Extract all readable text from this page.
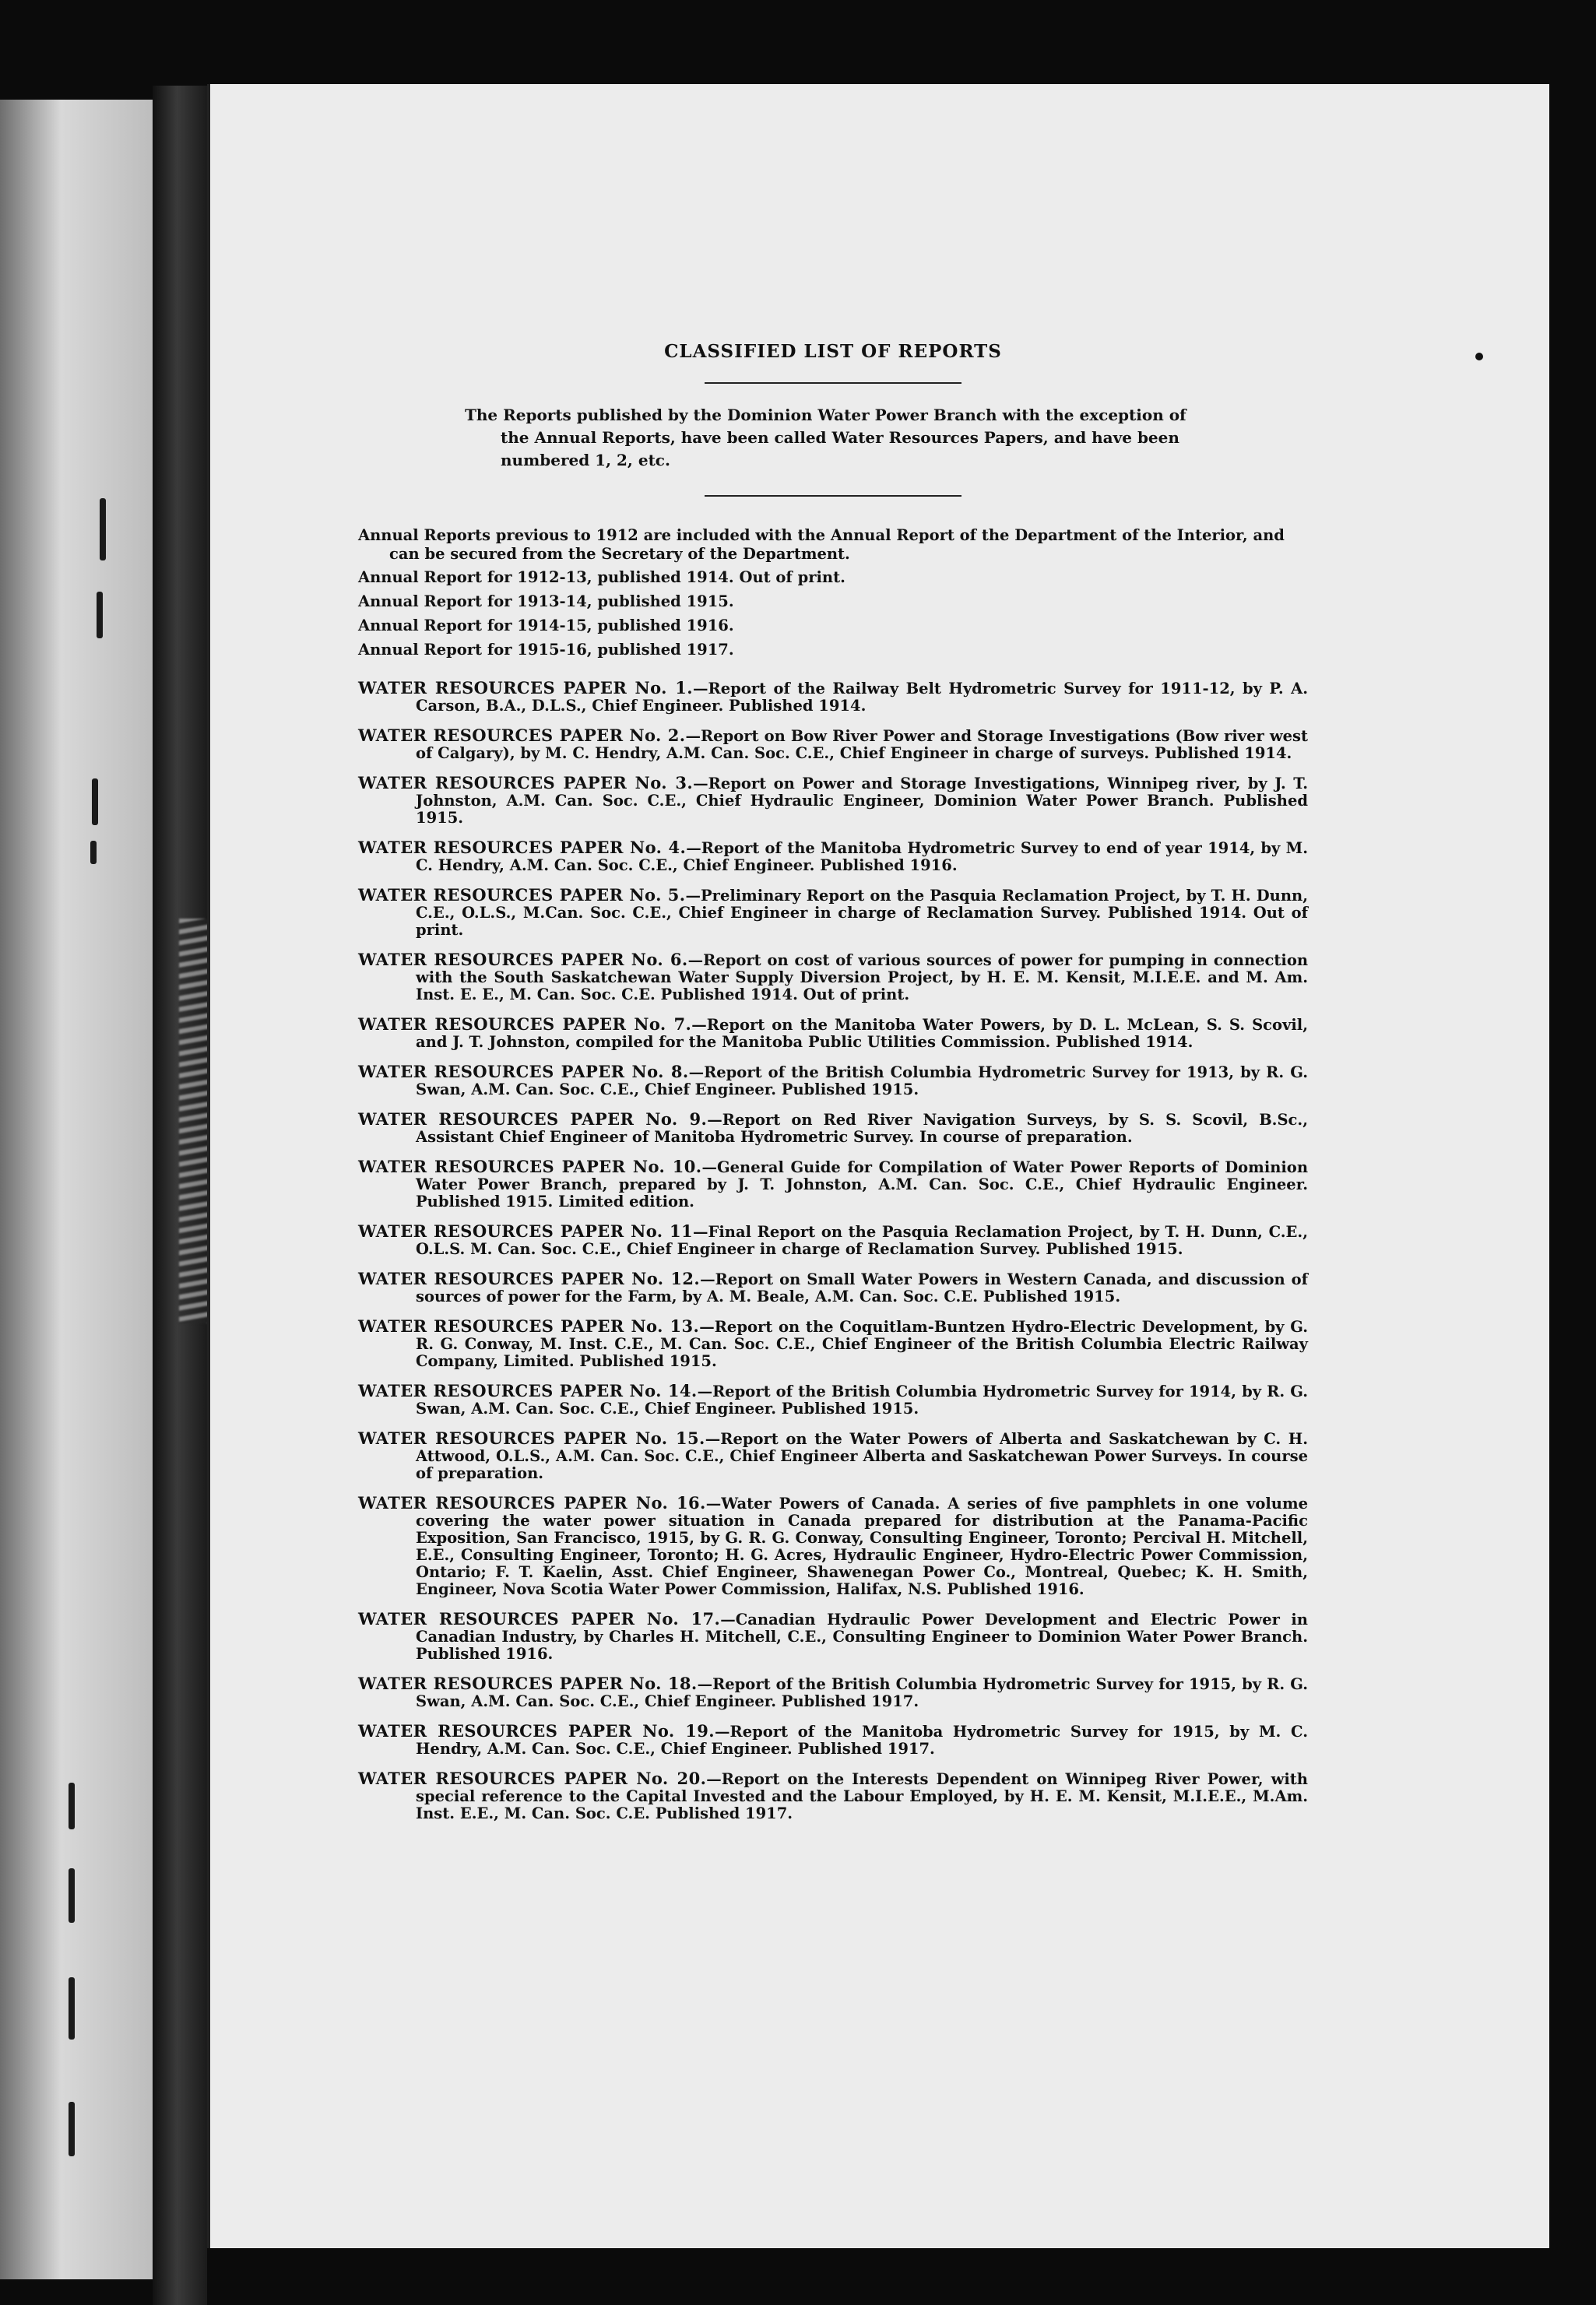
CLASSIFIED LIST OF REPORTS
The Reports published by the Dominion Water Power Branch with the exception of the Annual Reports, have been called Water Resources Papers, and have been numbered 1, 2, etc.

Annual Reports previous to 1912 are included with the Annual Report of the Department of the Interior, and can be secured from the Secretary of the Department.

Annual Report for 1912-13, published 1914. Out of print.

Annual Report for 1913-14, published 1915.

Annual Report for 1914-15, published 1916.

Annual Report for 1915-16, published 1917.

WATER RESOURCES PAPER No. 1.—Report of the Railway Belt Hydrometric Survey for 1911-12, by P. A. Carson, B.A., D.L.S., Chief Engineer. Published 1914.

WATER RESOURCES PAPER No. 2.—Report on Bow River Power and Storage Investigations (Bow river west of Calgary), by M. C. Hendry, A.M. Can. Soc. C.E., Chief Engineer in charge of surveys. Published 1914.

WATER RESOURCES PAPER No. 3.—Report on Power and Storage Investigations, Winnipeg river, by J. T. Johnston, A.M. Can. Soc. C.E., Chief Hydraulic Engineer, Dominion Water Power Branch. Published 1915.

WATER RESOURCES PAPER No. 4.—Report of the Manitoba Hydrometric Survey to end of year 1914, by M. C. Hendry, A.M. Can. Soc. C.E., Chief Engineer. Published 1916.

WATER RESOURCES PAPER No. 5.—Preliminary Report on the Pasquia Reclamation Project, by T. H. Dunn, C.E., O.L.S., M.Can. Soc. C.E., Chief Engineer in charge of Reclamation Survey. Published 1914. Out of print.

WATER RESOURCES PAPER No. 6.—Report on cost of various sources of power for pumping in connection with the South Saskatchewan Water Supply Diversion Project, by H. E. M. Kensit, M.I.E.E. and M. Am. Inst. E. E., M. Can. Soc. C.E. Published 1914. Out of print.

WATER RESOURCES PAPER No. 7.—Report on the Manitoba Water Powers, by D. L. McLean, S. S. Scovil, and J. T. Johnston, compiled for the Manitoba Public Utilities Commission. Published 1914.

WATER RESOURCES PAPER No. 8.—Report of the British Columbia Hydrometric Survey for 1913, by R. G. Swan, A.M. Can. Soc. C.E., Chief Engineer. Published 1915.

WATER RESOURCES PAPER No. 9.—Report on Red River Navigation Surveys, by S. S. Scovil, B.Sc., Assistant Chief Engineer of Manitoba Hydrometric Survey. In course of preparation.

WATER RESOURCES PAPER No. 10.—General Guide for Compilation of Water Power Reports of Dominion Water Power Branch, prepared by J. T. Johnston, A.M. Can. Soc. C.E., Chief Hydraulic Engineer. Published 1915. Limited edition.

WATER RESOURCES PAPER No. 11—Final Report on the Pasquia Reclamation Project, by T. H. Dunn, C.E., O.L.S. M. Can. Soc. C.E., Chief Engineer in charge of Reclamation Survey. Published 1915.

WATER RESOURCES PAPER No. 12.—Report on Small Water Powers in Western Canada, and discussion of sources of power for the Farm, by A. M. Beale, A.M. Can. Soc. C.E. Published 1915.

WATER RESOURCES PAPER No. 13.—Report on the Coquitlam-Buntzen Hydro-Electric Development, by G. R. G. Conway, M. Inst. C.E., M. Can. Soc. C.E., Chief Engineer of the British Columbia Electric Railway Company, Limited. Published 1915.

WATER RESOURCES PAPER No. 14.—Report of the British Columbia Hydrometric Survey for 1914, by R. G. Swan, A.M. Can. Soc. C.E., Chief Engineer. Published 1915.

WATER RESOURCES PAPER No. 15.—Report on the Water Powers of Alberta and Saskatchewan by C. H. Attwood, O.L.S., A.M. Can. Soc. C.E., Chief Engineer Alberta and Saskatchewan Power Surveys. In course of preparation.

WATER RESOURCES PAPER No. 16.—Water Powers of Canada. A series of five pamphlets in one volume covering the water power situation in Canada prepared for distribution at the Panama-Pacific Exposition, San Francisco, 1915, by G. R. G. Conway, Consulting Engineer, Toronto; Percival H. Mitchell, E.E., Consulting Engineer, Toronto; H. G. Acres, Hydraulic Engineer, Hydro-Electric Power Commission, Ontario; F. T. Kaelin, Asst. Chief Engineer, Shawenegan Power Co., Montreal, Quebec; K. H. Smith, Engineer, Nova Scotia Water Power Commission, Halifax, N.S. Published 1916.

WATER RESOURCES PAPER No. 17.—Canadian Hydraulic Power Development and Electric Power in Canadian Industry, by Charles H. Mitchell, C.E., Consulting Engineer to Dominion Water Power Branch. Published 1916.

WATER RESOURCES PAPER No. 18.—Report of the British Columbia Hydrometric Survey for 1915, by R. G. Swan, A.M. Can. Soc. C.E., Chief Engineer. Published 1917.

WATER RESOURCES PAPER No. 19.—Report of the Manitoba Hydrometric Survey for 1915, by M. C. Hendry, A.M. Can. Soc. C.E., Chief Engineer. Published 1917.

WATER RESOURCES PAPER No. 20.—Report on the Interests Dependent on Winnipeg River Power, with special reference to the Capital Invested and the Labour Employed, by H. E. M. Kensit, M.I.E.E., M.Am. Inst. E.E., M. Can. Soc. C.E. Published 1917.
